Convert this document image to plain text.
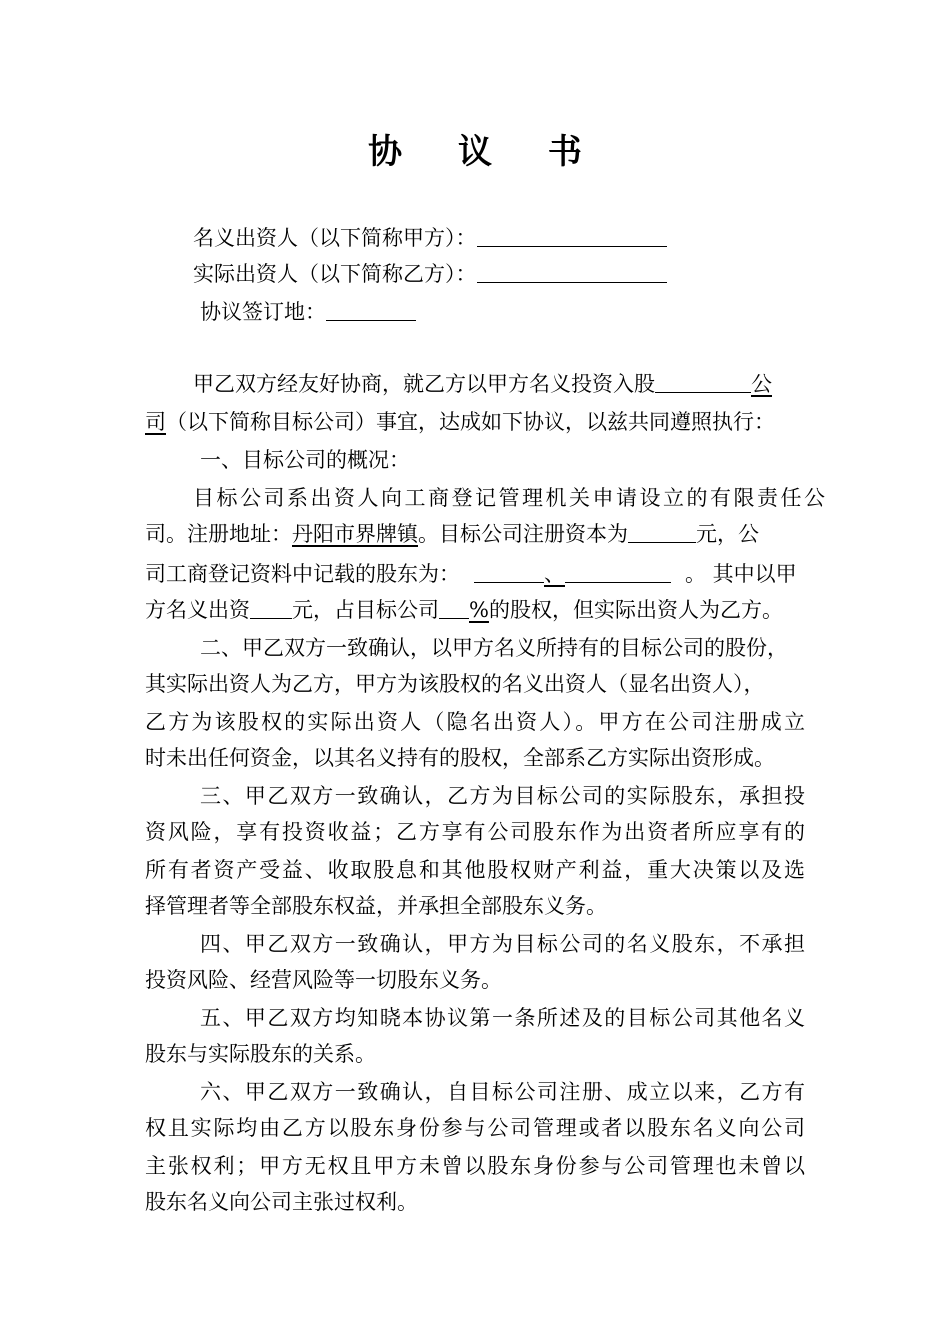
协 议 书
名义出资人（以下简称甲方）：
实际出资人（以下简称乙方）：
协议签订地：
甲乙双方经友好协商，就乙方以甲方名义投资入股	公
司（以下简称目标公司）事宜，达成如下协议，以兹共同遵照执行：
一、目标公司的概况：
目标公司系出资人向工商登记管理机关申请设立的有限责任公
司。注册地址：丹阳市界牌镇。目标公司注册资本为	元，公
司工商登记资料中记载的股东为：	、	。 其中以甲
方名义出资 元，占目标公司 %的股权，但实际出资人为乙方。
二、甲乙双方一致确认，以甲方名义所持有的目标公司的股份，
其实际出资人为乙方，甲方为该股权的名义出资人（显名出资人），
乙方为该股权的实际出资人（隐名出资人）。甲方在公司注册成立
时未出任何资金，以其名义持有的股权，全部系乙方实际出资形成。
三、甲乙双方一致确认，乙方为目标公司的实际股东，承担投
资风险，享有投资收益；乙方享有公司股东作为出资者所应享有的
所有者资产受益、收取股息和其他股权财产利益，重大决策以及选
择管理者等全部股东权益，并承担全部股东义务。
四、甲乙双方一致确认，甲方为目标公司的名义股东，不承担
投资风险、经营风险等一切股东义务。
五、甲乙双方均知晓本协议第一条所述及的目标公司其他名义
股东与实际股东的关系。
六、甲乙双方一致确认，自目标公司注册、成立以来，乙方有
权且实际均由乙方以股东身份参与公司管理或者以股东名义向公司
主张权利；甲方无权且甲方未曾以股东身份参与公司管理也未曾以
股东名义向公司主张过权利。
